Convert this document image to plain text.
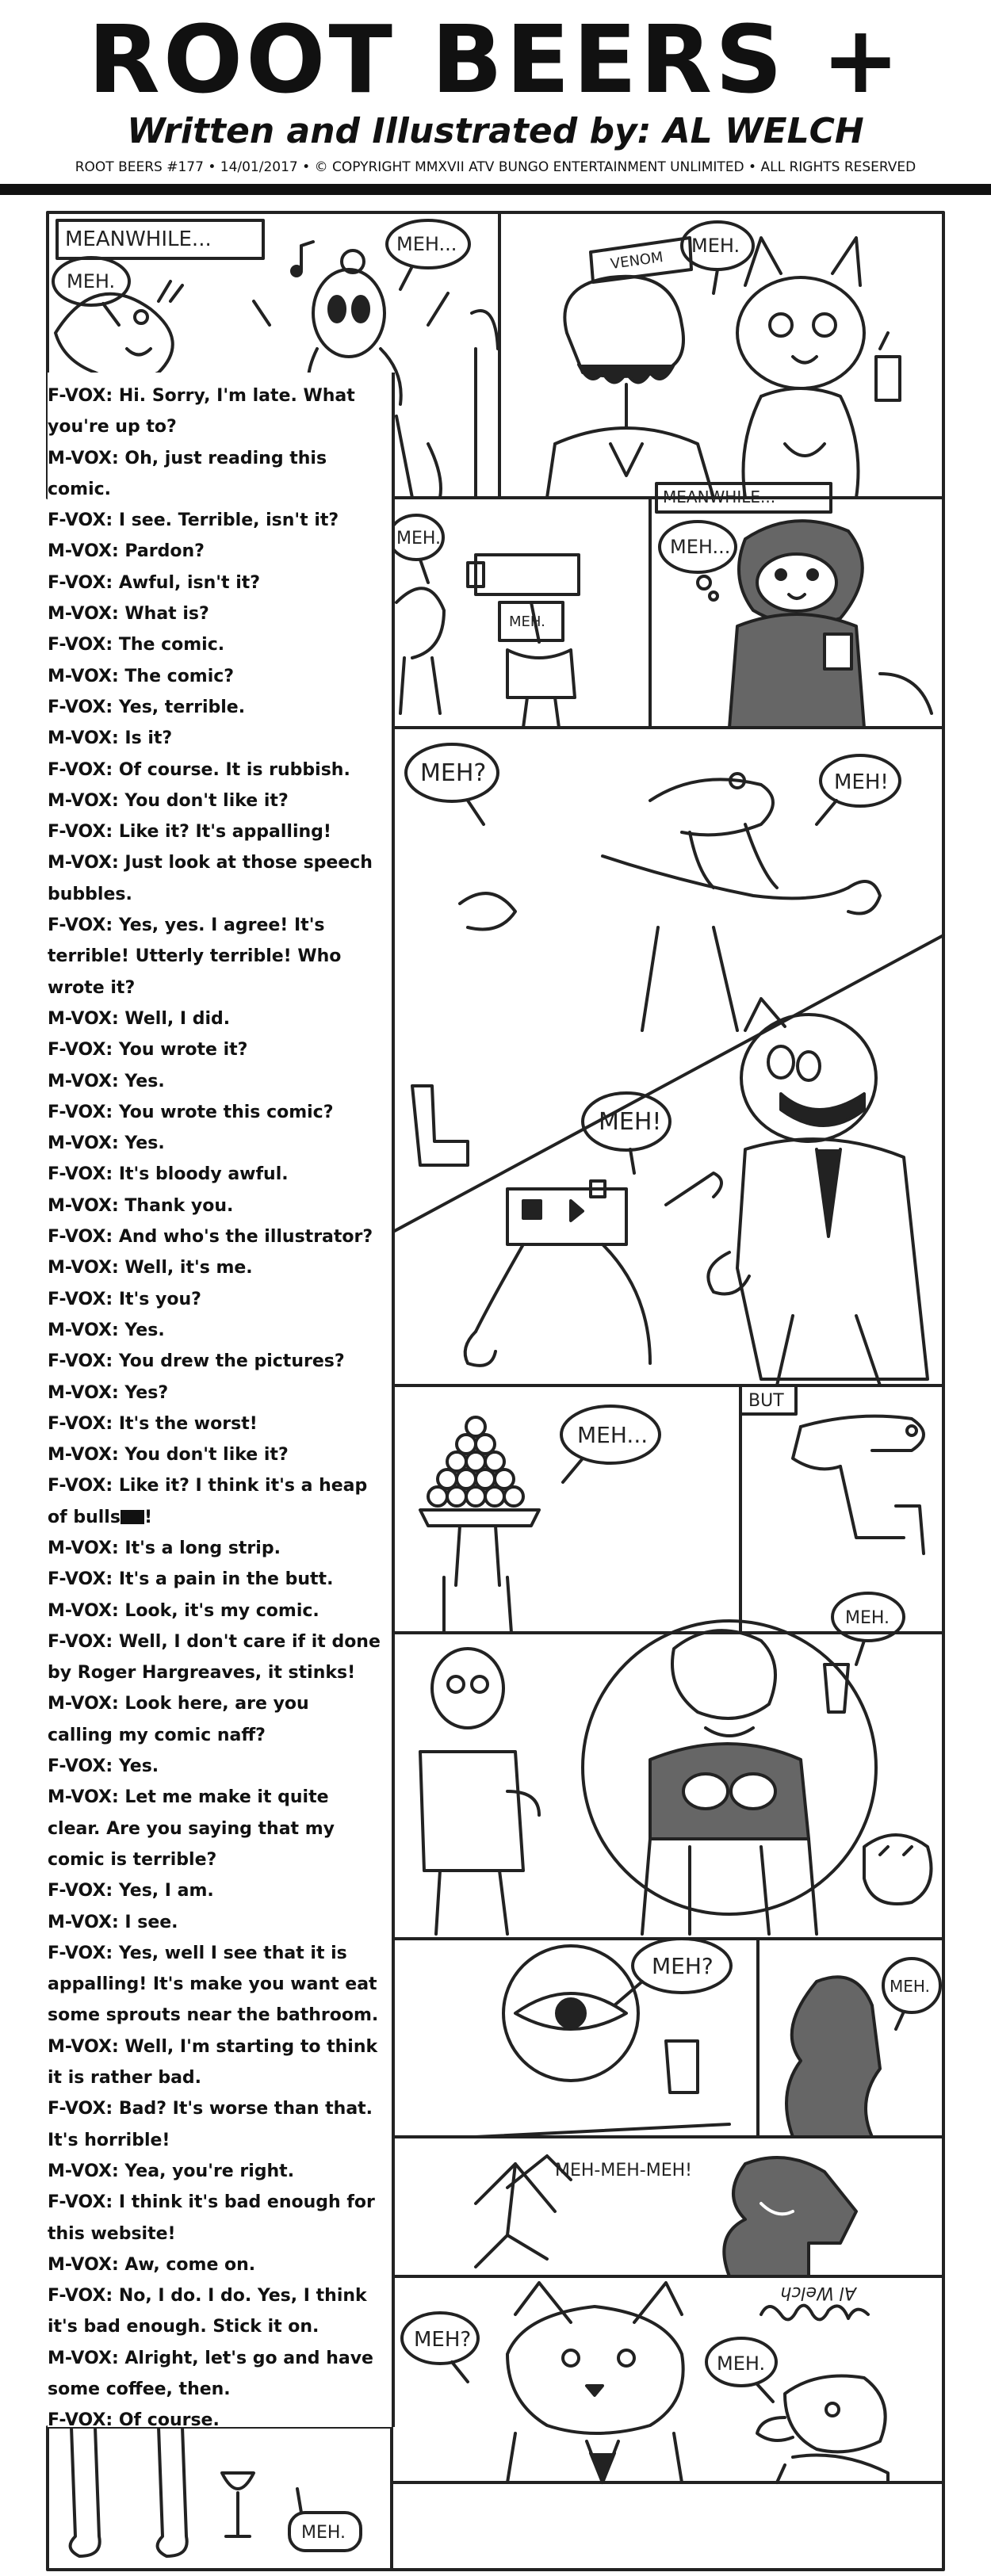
ROOT BEERS +
Written and Illustrated by: AL WELCH
ROOT BEERS #177 • 14/01/2017 • © COPYRIGHT MMXVII ATV BUNGO ENTERTAINMENT UNLIMITED • ALL RIGHTS RESERVED
MEANWHILE...
MEH.
MEH...
VENOM
MEH.
MEH.
MEH.
MEANWHILE...
MEH...
MEH?	MEH!
MEH!
MEH...
BUT
MEH.
MEH?
MEH.
MEH-MEH-MEH!
MEH?
MEH.
Al Welch
MEH.
F-VOX: Hi. Sorry, I'm late. What
you're up to?
M-VOX: Oh, just reading this
comic.
F-VOX: I see. Terrible, isn't it?
M-VOX: Pardon?
F-VOX: Awful, isn't it?
M-VOX: What is?
F-VOX: The comic.
M-VOX: The comic?
F-VOX: Yes, terrible.
M-VOX: Is it?
F-VOX: Of course. It is rubbish.
M-VOX: You don't like it?
F-VOX: Like it? It's appalling!
M-VOX: Just look at those speech
bubbles.
F-VOX: Yes, yes. I agree! It's
terrible! Utterly terrible! Who
wrote it?
M-VOX: Well, I did.
F-VOX: You wrote it?
M-VOX: Yes.
F-VOX: You wrote this comic?
M-VOX: Yes.
F-VOX: It's bloody awful.
M-VOX: Thank you.
F-VOX: And who's the illustrator?
M-VOX: Well, it's me.
F-VOX: It's you?
M-VOX: Yes.
F-VOX: You drew the pictures?
M-VOX: Yes?
F-VOX: It's the worst!
M-VOX: You don't like it?
F-VOX: Like it? I think it's a heap
of bulls !
M-VOX: It's a long strip.
F-VOX: It's a pain in the butt.
M-VOX: Look, it's my comic.
F-VOX: Well, I don't care if it done
by Roger Hargreaves, it stinks!
M-VOX: Look here, are you
calling my comic naff?
F-VOX: Yes.
M-VOX: Let me make it quite
clear. Are you saying that my
comic is terrible?
F-VOX: Yes, I am.
M-VOX: I see.
F-VOX: Yes, well I see that it is
appalling! It's make you want eat
some sprouts near the bathroom.
M-VOX: Well, I'm starting to think
it is rather bad.
F-VOX: Bad? It's worse than that.
It's horrible!
M-VOX: Yea, you're right.
F-VOX: I think it's bad enough for
this website!
M-VOX: Aw, come on.
F-VOX: No, I do. I do. Yes, I think
it's bad enough. Stick it on.
M-VOX: Alright, let's go and have
some coffee, then.
F-VOX: Of course.
